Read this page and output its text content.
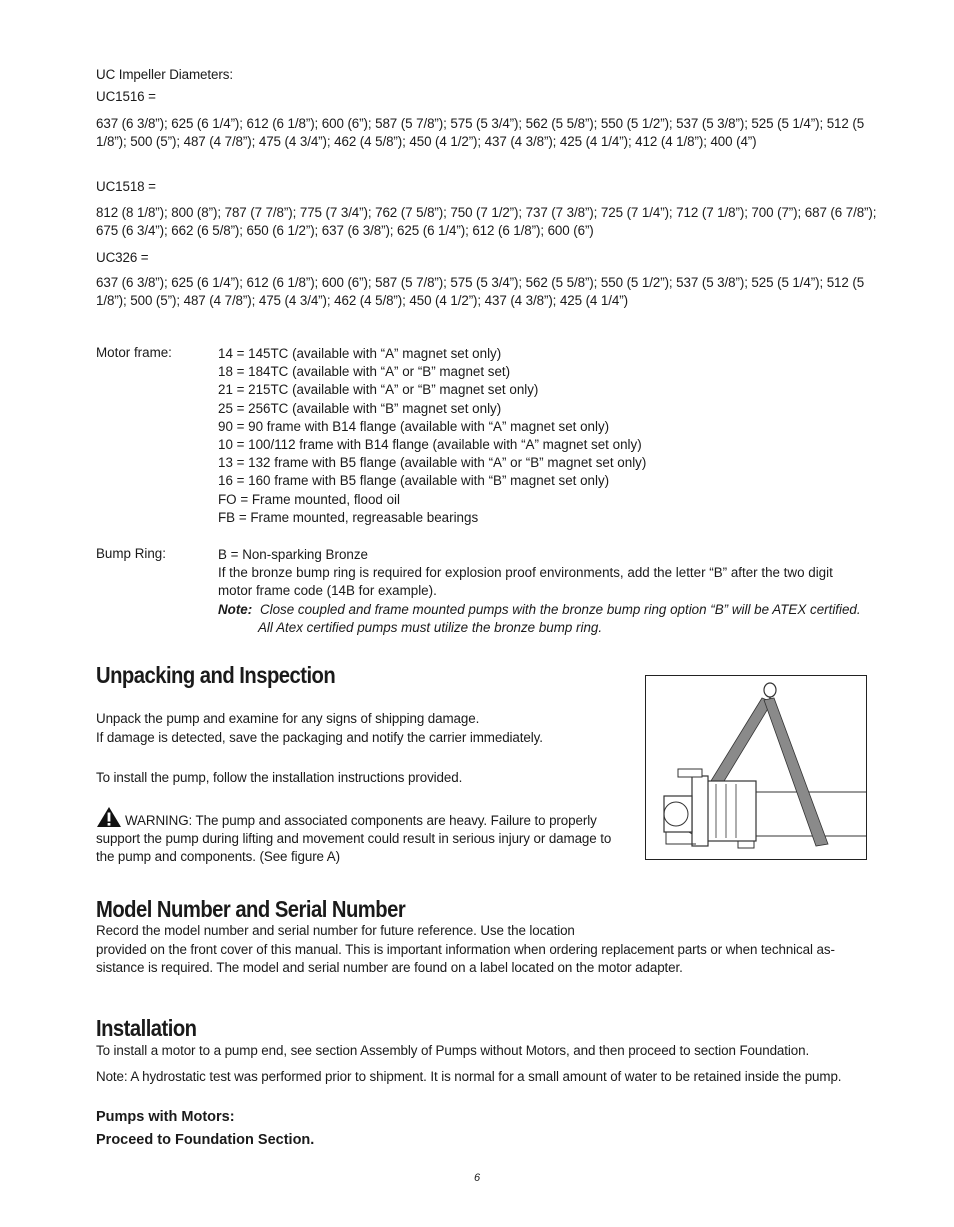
UC Impeller Diameters:
UC1516 =
637 (6 3/8”); 625 (6 1/4”); 612 (6 1/8”); 600 (6”); 587 (5 7/8”); 575 (5 3/4”); 562 (5 5/8”); 550 (5 1/2”); 537 (5 3/8”); 525 (5 1/4”); 512 (5 1/8”); 500 (5”); 487 (4 7/8”); 475 (4 3/4”); 462 (4 5/8”); 450 (4 1/2”); 437 (4 3/8”); 425 (4 1/4”); 412 (4 1/8”); 400 (4”)
UC1518 =
812 (8 1/8”); 800 (8”); 787 (7 7/8”); 775 (7 3/4”); 762 (7 5/8”); 750 (7 1/2”); 737 (7 3/8”); 725 (7 1/4”); 712 (7 1/8”); 700 (7”); 687 (6 7/8”); 675 (6 3/4”); 662 (6 5/8”); 650 (6 1/2”); 637 (6 3/8”); 625 (6 1/4”); 612 (6 1/8”); 600 (6”)
UC326 =
637 (6 3/8”); 625 (6 1/4”); 612 (6 1/8”); 600 (6”); 587 (5 7/8”); 575 (5 3/4”); 562 (5 5/8”); 550 (5 1/2”); 537 (5 3/8”); 525 (5 1/4”); 512 (5 1/8”); 500 (5”); 487 (4 7/8”); 475 (4 3/4”); 462 (4 5/8”); 450 (4 1/2”); 437 (4 3/8”); 425 (4 1/4”)
Motor frame:	14 = 145TC (available with “A” magnet set only)
18 = 184TC (available with “A” or “B” magnet set)
21 = 215TC (available with “A” or “B” magnet set only)
25 = 256TC (available with “B” magnet set only)
90 = 90 frame with B14 flange (available with “A” magnet set only)
10 = 100/112 frame with B14 flange (available with “A” magnet set only)
13 = 132 frame with B5 flange (available with “A” or “B” magnet set only)
16 = 160 frame with B5 flange (available with “B” magnet set only)
FO = Frame mounted, flood oil
FB = Frame mounted, regreasable bearings
Bump Ring:	B = Non-sparking Bronze
If the bronze bump ring is required for explosion proof environments, add the letter “B” after the two digit
motor frame code (14B for example).
Note: Close coupled and frame mounted pumps with the bronze bump ring option “B” will be ATEX certified.
All Atex certified pumps must utilize the bronze bump ring.
Unpacking and Inspection
Unpack the pump and examine for any signs of shipping damage.
If damage is detected, save the packaging and notify the carrier immediately.
To install the pump, follow the installation instructions provided.
WARNING: The pump and associated components are heavy. Failure to properly
support the pump during lifting and movement could result in serious injury or damage to
the pump and components. (See figure A)
Model Number and Serial Number
Record the model number and serial number for future reference. Use the location
provided on the front cover of this manual. This is important information when ordering replacement parts or when technical as-
sistance is required. The model and serial number are found on a label located on the motor adapter.
Installation
To install a motor to a pump end, see section Assembly of Pumps without Motors, and then proceed to section Foundation.
Note: A hydrostatic test was performed prior to shipment. It is normal for a small amount of water to be retained inside the pump.
Pumps with Motors:
Proceed to Foundation Section.
6
